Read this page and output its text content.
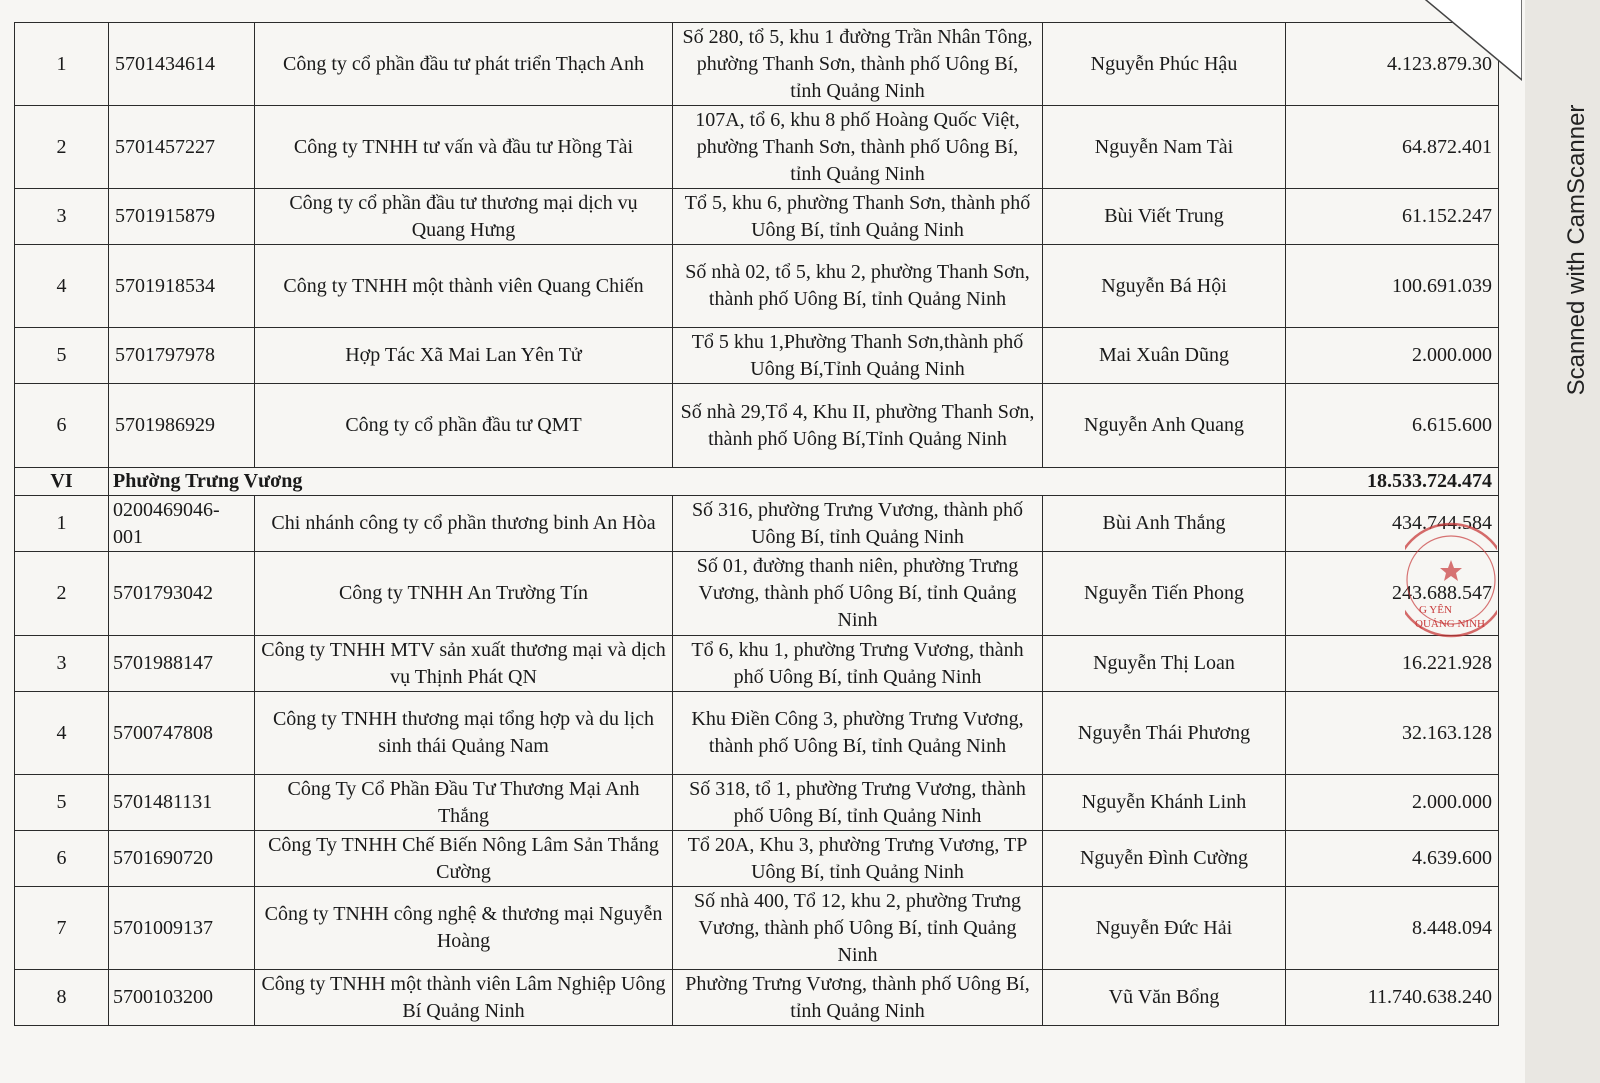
1	5701434614	Công ty cổ phần đầu tư phát triển Thạch Anh	Số 280, tổ 5, khu 1 đường Trần Nhân Tông, phường Thanh Sơn, thành phố Uông Bí, tỉnh Quảng Ninh	Nguyễn Phúc Hậu	4.123.879.30
2	5701457227	Công ty TNHH tư vấn và đầu tư Hồng Tài	107A, tổ 6, khu 8 phố Hoàng Quốc Việt, phường Thanh Sơn, thành phố Uông Bí, tỉnh Quảng Ninh	Nguyễn Nam Tài	64.872.401
3	5701915879	Công ty cổ phần đầu tư thương mại dịch vụ Quang Hưng	Tổ 5, khu 6, phường Thanh Sơn, thành phố Uông Bí, tỉnh Quảng Ninh	Bùi Viết Trung	61.152.247
4	5701918534	Công ty TNHH một thành viên Quang Chiến	Số nhà 02, tổ 5, khu 2, phường Thanh Sơn, thành phố Uông Bí, tỉnh Quảng Ninh	Nguyễn Bá Hội	100.691.039
5	5701797978	Hợp Tác Xã Mai Lan Yên Tử	Tổ 5 khu 1,Phường Thanh Sơn,thành phố Uông Bí,Tỉnh Quảng Ninh	Mai Xuân Dũng	2.000.000
6	5701986929	Công ty cổ phần đầu tư QMT	Số nhà 29,Tổ 4, Khu II, phường Thanh Sơn, thành phố Uông Bí,Tỉnh Quảng Ninh	Nguyễn Anh Quang	6.615.600
VI	Phường Trưng Vương				18.533.724.474
1	0200469046-001	Chi nhánh công ty cổ phần thương binh An Hòa	Số 316, phường Trưng Vương, thành phố Uông Bí, tỉnh Quảng Ninh	Bùi Anh Thắng	434.744.584
2	5701793042	Công ty TNHH An Trường Tín	Số 01, đường thanh niên, phường Trưng Vương, thành phố Uông Bí, tỉnh Quảng Ninh	Nguyễn Tiến Phong	243.688.547
3	5701988147	Công ty TNHH MTV sản xuất thương mại và dịch vụ Thịnh Phát QN	Tổ 6, khu 1, phường Trưng Vương, thành phố Uông Bí, tỉnh Quảng Ninh	Nguyễn Thị Loan	16.221.928
4	5700747808	Công ty TNHH thương mại tổng hợp và du lịch sinh thái Quảng Nam	Khu Điền Công 3, phường Trưng Vương, thành phố Uông Bí, tỉnh Quảng Ninh	Nguyễn Thái Phương	32.163.128
5	5701481131	Công Ty Cổ Phần Đầu Tư Thương Mại Anh Thắng	Số 318, tổ 1, phường Trưng Vương, thành phố Uông Bí, tỉnh Quảng Ninh	Nguyễn Khánh Linh	2.000.000
6	5701690720	Công Ty TNHH Chế Biến Nông Lâm Sản Thắng Cường	Tổ 20A, Khu 3, phường Trưng Vương, TP Uông Bí, tỉnh Quảng Ninh	Nguyễn Đình Cường	4.639.600
7	5701009137	Công ty TNHH công nghệ & thương mại Nguyễn Hoàng	Số nhà 400, Tổ 12, khu 2, phường Trưng Vương, thành phố Uông Bí, tỉnh Quảng Ninh	Nguyễn Đức Hải	8.448.094
8	5700103200	Công ty TNHH một thành viên Lâm Nghiệp Uông Bí Quảng Ninh	Phường Trưng Vương, thành phố Uông Bí, tỉnh Quảng Ninh	Vũ Văn Bổng	11.740.638.240
G YÊN
QUẢNG NINH
Scanned with CamScanner
